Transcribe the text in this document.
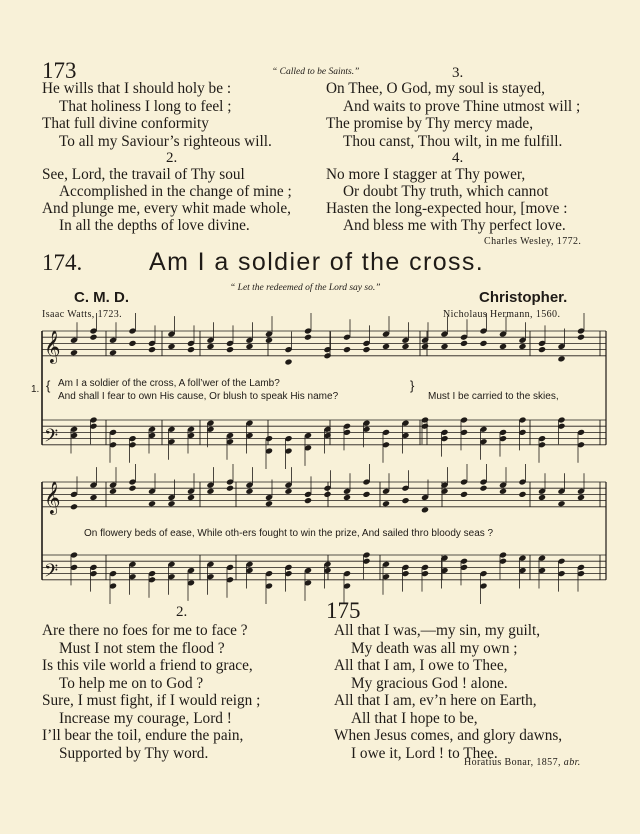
173	“ Called to be Saints.”
He wills that I should holy be :
That holiness I long to feel ;
That full divine conformity
To all my Saviour’s righteous will.
2.
See, Lord, the travail of Thy soul
Accomplished in the change of mine ;
And plunge me, every whit made whole,
In all the depths of love divine.
3.
On Thee, O God, my soul is stayed,
And waits to prove Thine utmost will ;
The promise by Thy mercy made,
Thou canst, Thou wilt, in me fulfill.
4.
No more I stagger at Thy power,
Or doubt Thy truth, which cannot
Hasten the long-expected hour, [move :
And bless me with Thy perfect love.
Charles Wesley, 1772.
174.	Am I a soldier of the cross.
“ Let the redeemed of the Lord say so.”
C. M. D.	Christopher.
Isaac Watts, 1723.	Nicholaus Hermann, 1560.
𝄞
𝄢
𝄞
𝄢
1. { Am I a soldier of the cross, A foll’wer of the Lamb?
And shall I fear to own His cause, Or blush to speak His name?
}
Must I be carried to the skies,
On flowery beds of ease, While oth-ers fought to win the prize, And sailed thro bloody seas ?
2.
Are there no foes for me to face ?
Must I not stem the flood ?
Is this vile world a friend to grace,
To help me on to God ?
Sure, I must fight, if I would reign ;
Increase my courage, Lord !
I’ll bear the toil, endure the pain,
Supported by Thy word.
175
All that I was,—my sin, my guilt,
My death was all my own ;
All that I am, I owe to Thee,
My gracious God ! alone.
All that I am, ev’n here on Earth,
All that I hope to be,
When Jesus comes, and glory dawns,
I owe it, Lord ! to Thee.
Horatius Bonar, 1857, abr.
